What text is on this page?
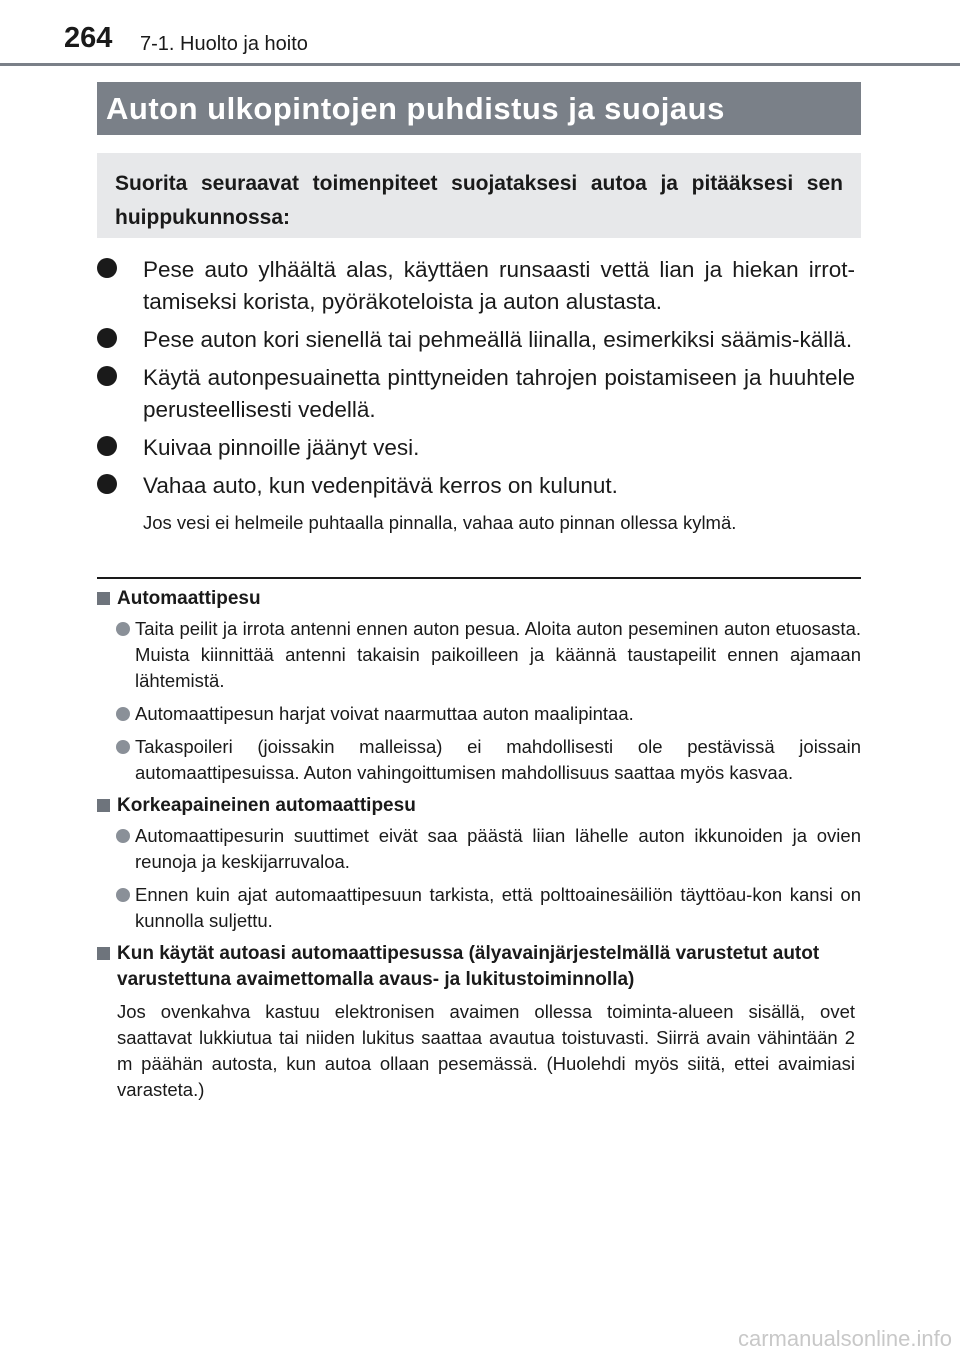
264 7-1. Huolto ja hoito
Auton ulkopintojen puhdistus ja suojaus
Suorita seuraavat toimenpiteet suojataksesi autoa ja pitääksesi sen huippukunnossa:
Pese auto ylhäältä alas, käyttäen runsaasti vettä lian ja hiekan irrot-tamiseksi korista, pyöräkoteloista ja auton alustasta.
Pese auton kori sienellä tai pehmeällä liinalla, esimerkiksi säämis-källä.
Käytä autonpesuainetta pinttyneiden tahrojen poistamiseen ja huuhtele perusteellisesti vedellä.
Kuivaa pinnoille jäänyt vesi.
Vahaa auto, kun vedenpitävä kerros on kulunut.
Jos vesi ei helmeile puhtaalla pinnalla, vahaa auto pinnan ollessa kylmä.
Automaattipesu
Taita peilit ja irrota antenni ennen auton pesua. Aloita auton peseminen auton etuosasta. Muista kiinnittää antenni takaisin paikoilleen ja käännä taustapeilit ennen ajamaan lähtemistä.
Automaattipesun harjat voivat naarmuttaa auton maalipintaa.
Takaspoileri (joissakin malleissa) ei mahdollisesti ole pestävissä joissain automaattipesuissa. Auton vahingoittumisen mahdollisuus saattaa myös kasvaa.
Korkeapaineinen automaattipesu
Automaattipesurin suuttimet eivät saa päästä liian lähelle auton ikkunoiden ja ovien reunoja ja keskijarruvaloa.
Ennen kuin ajat automaattipesuun tarkista, että polttoainesäiliön täyttöau-kon kansi on kunnolla suljettu.
Kun käytät autoasi automaattipesussa (älyavainjärjestelmällä varustetut autot varustettuna avaimettomalla avaus- ja lukitustoiminnolla)
Jos ovenkahva kastuu elektronisen avaimen ollessa toiminta-alueen sisällä, ovet saattavat lukkiutua tai niiden lukitus saattaa avautua toistuvasti. Siirrä avain vähintään 2 m päähän autosta, kun autoa ollaan pesemässä. (Huolehdi myös siitä, ettei avaimiasi varasteta.)
carmanualsonline.info
